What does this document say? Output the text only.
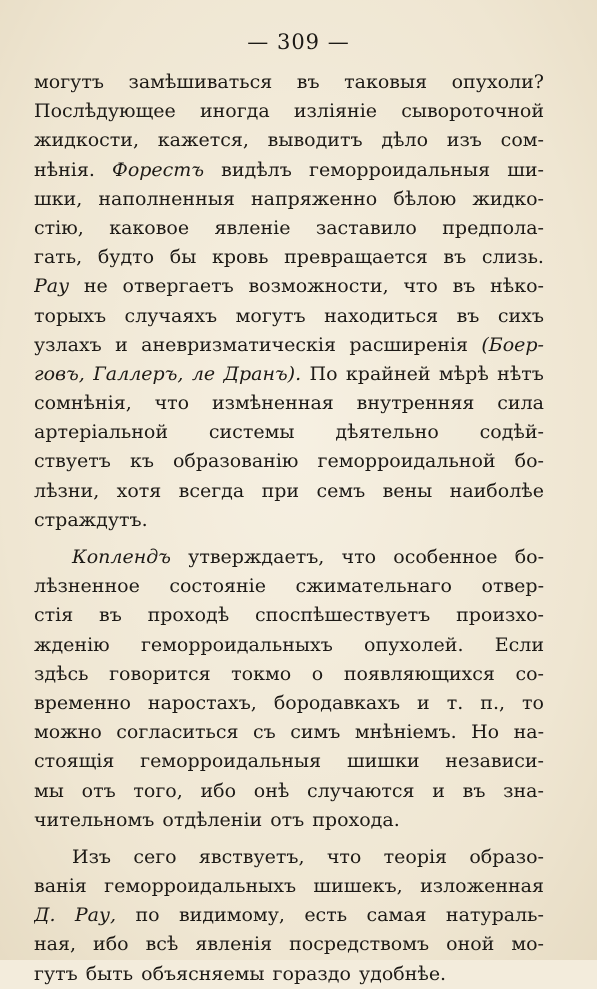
— 309 —
могутъ замѣшиваться въ таковыя опухоли?
Послѣдующее иногда изліяніе сывороточной
жидкости, кажется, выводитъ дѣло изъ сом-
нѣнія. Форестъ видѣлъ геморроидальныя ши-
шки, наполненныя напряженно бѣлою жидко-
стію, каковое явленіе заставило предпола-
гать, будто бы кровь превращается въ слизь.
Рау не отвергаетъ возможности, что въ нѣко-
торыхъ случаяхъ могутъ находиться въ сихъ
узлахъ и аневризматическія расширенія (Боер-
говъ, Галлеръ, ле Дранъ). По крайней мѣрѣ нѣтъ
сомнѣнія, что измѣненная внутренняя сила
артеріальной системы дѣятельно содѣй-
ствуетъ къ образованію геморроидальной бо-
лѣзни, хотя всегда при семъ вены наиболѣе
страждутъ.
Коплендъ утверждаетъ, что особенное бо-
лѣзненное состояніе сжимательнаго отвер-
стія въ проходѣ споспѣшествуетъ произхо-
жденію геморроидальныхъ опухолей. Если
здѣсь говорится токмо о появляющихся со-
временно наростахъ, бородавкахъ и т. п., то
можно согласиться съ симъ мнѣніемъ. Но на-
стоящія геморроидальныя шишки независи-
мы отъ того, ибо онѣ случаются и въ зна-
чительномъ отдѣленіи отъ прохода.
Изъ сего явствуетъ, что теорія образо-
ванія геморроидальныхъ шишекъ, изложенная
Д. Рау, по видимому, есть самая натураль-
ная, ибо всѣ явленія посредствомъ оной мо-
гутъ быть объясняемы гораздо удобнѣе.
